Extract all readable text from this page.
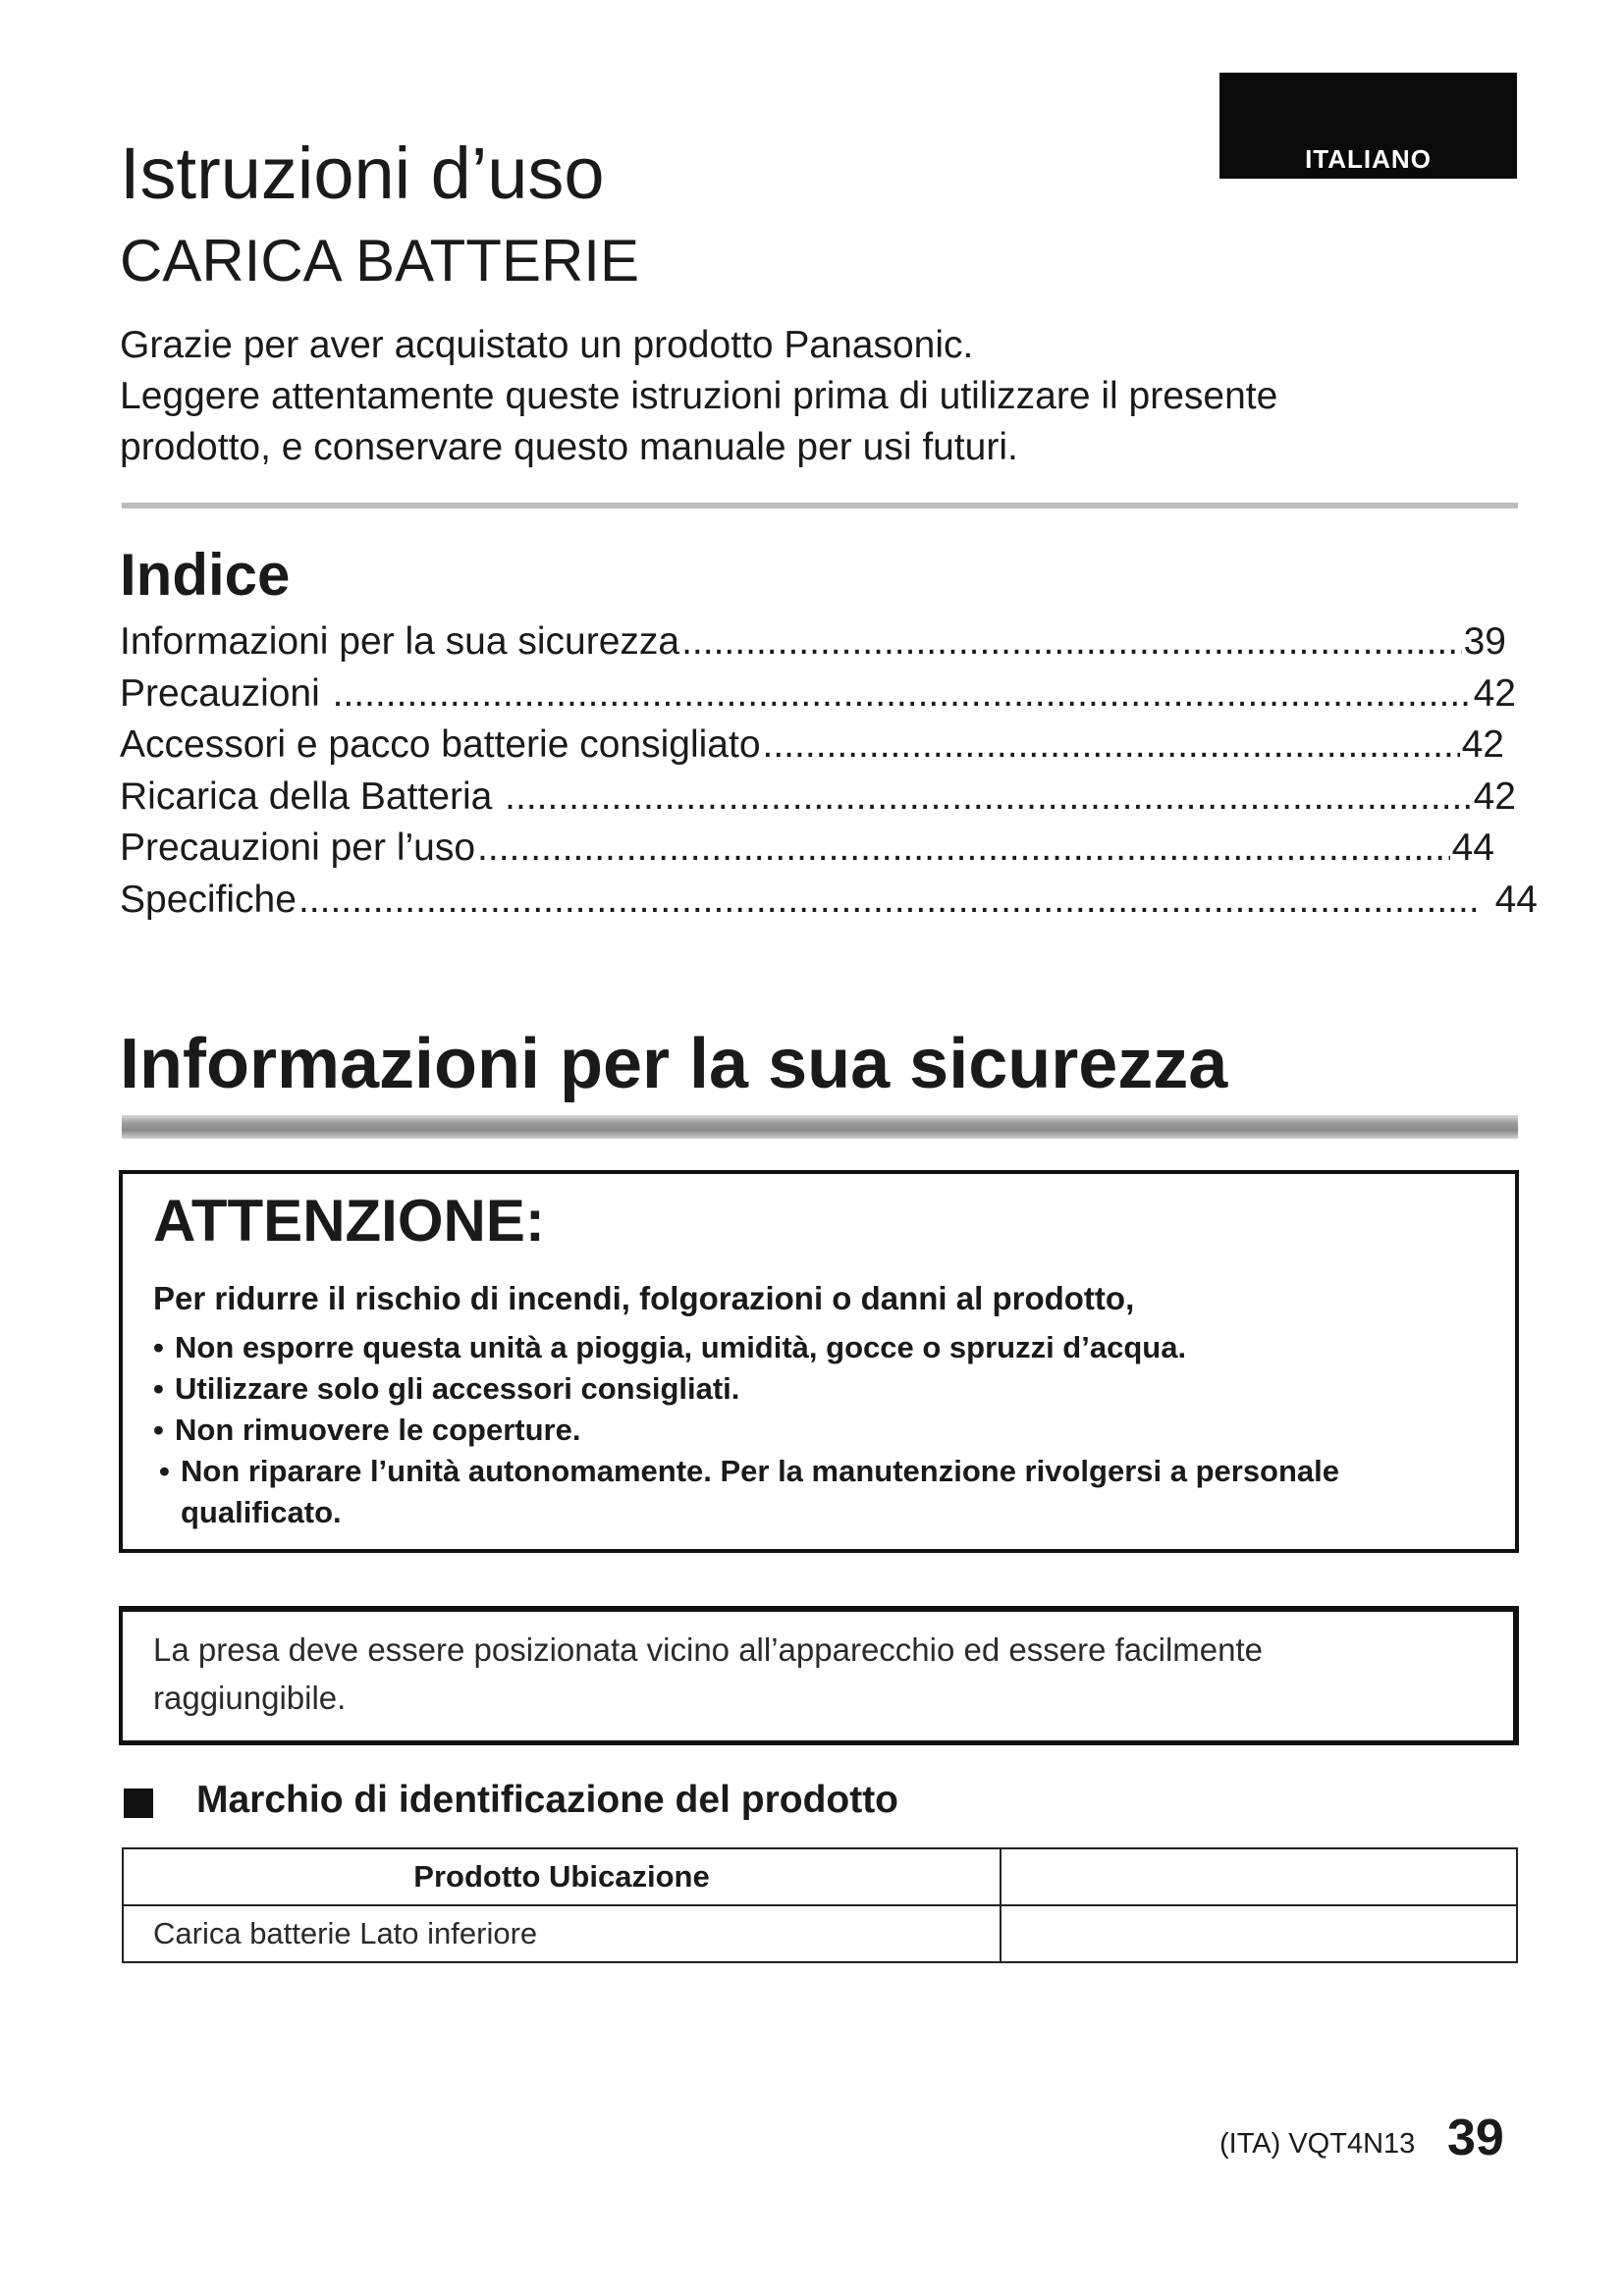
ITALIANO
Istruzioni d’uso
CARICA BATTERIE

Grazie per aver acquistato un prodotto Panasonic.

Leggere attentamente queste istruzioni prima di utilizzare il presente

prodotto, e conservare questo manuale per usi futuri.

Indice
Informazioni per la sua sicurezza .....	39
Precauzioni .....	42
Accessori e pacco batterie consigliato .....	42
Ricarica della Batteria .....	42
Precauzioni per l’uso .....	44
Specifiche .....	44
Informazioni per la sua sicurezza
ATTENZIONE:

Per ridurre il rischio di incendi, folgorazioni o danni al prodotto,

• Non esporre questa unità a pioggia, umidità, gocce o spruzzi d’acqua.
• Utilizzare solo gli accessori consigliati.
• Non rimuovere le coperture.
• Non riparare l’unità autonomamente. Per la manutenzione rivolgersi a personale qualificato.
La presa deve essere posizionata vicino all’apparecchio ed essere facilmente
raggiungibile.
Marchio di identificazione del prodotto
Prodotto Ubicazione	
Carica batterie Lato inferiore	

(ITA) VQT4N13 39
